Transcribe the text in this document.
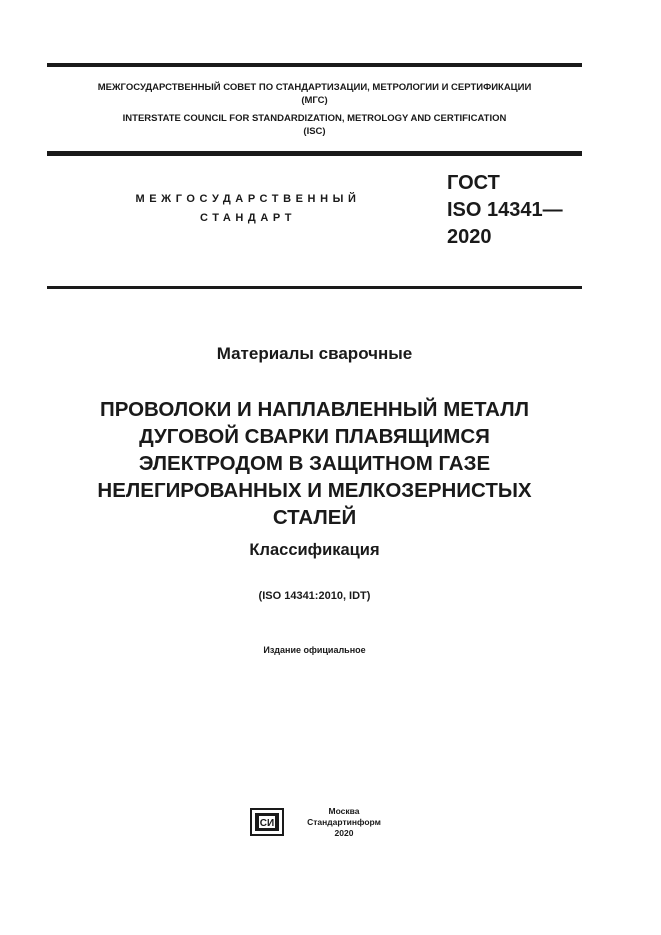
МЕЖГОСУДАРСТВЕННЫЙ СОВЕТ ПО СТАНДАРТИЗАЦИИ, МЕТРОЛОГИИ И СЕРТИФИКАЦИИ
(МГС)
INTERSTATE COUNCIL FOR STANDARDIZATION, METROLOGY AND CERTIFICATION
(ISC)
МЕЖГОСУДАРСТВЕННЫЙ
СТАНДАРТ
ГОСТ
ISO 14341—
2020
Материалы сварочные
ПРОВОЛОКИ И НАПЛАВЛЕННЫЙ МЕТАЛЛ
ДУГОВОЙ СВАРКИ ПЛАВЯЩИМСЯ
ЭЛЕКТРОДОМ В ЗАЩИТНОМ ГАЗЕ
НЕЛЕГИРОВАННЫХ И МЕЛКОЗЕРНИСТЫХ
СТАЛЕЙ
Классификация
(ISO 14341:2010, IDT)
Издание официальное
СИ
Москва
Стандартинформ
2020
